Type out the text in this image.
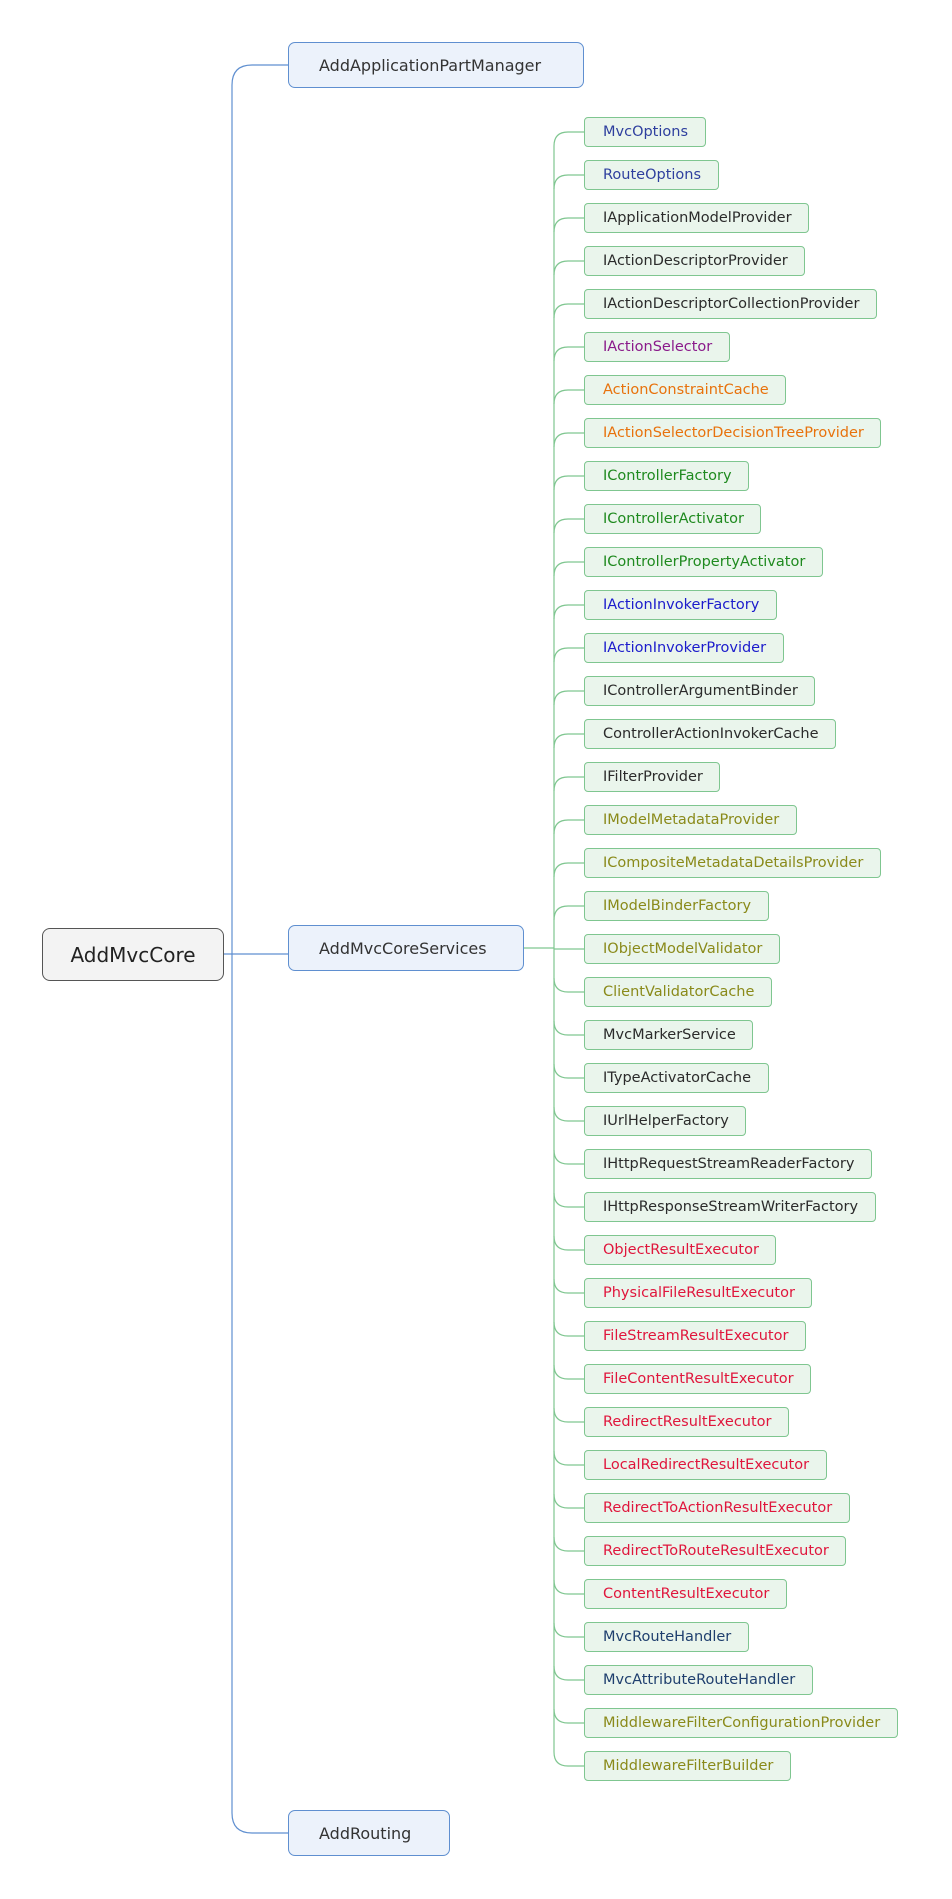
AddMvcCore
AddApplicationPartManager
AddMvcCoreServices
AddRouting
MvcOptions
RouteOptions
IApplicationModelProvider
IActionDescriptorProvider
IActionDescriptorCollectionProvider
IActionSelector
ActionConstraintCache
IActionSelectorDecisionTreeProvider
IControllerFactory
IControllerActivator
IControllerPropertyActivator
IActionInvokerFactory
IActionInvokerProvider
IControllerArgumentBinder
ControllerActionInvokerCache
IFilterProvider
IModelMetadataProvider
ICompositeMetadataDetailsProvider
IModelBinderFactory
IObjectModelValidator
ClientValidatorCache
MvcMarkerService
ITypeActivatorCache
IUrlHelperFactory
IHttpRequestStreamReaderFactory
IHttpResponseStreamWriterFactory
ObjectResultExecutor
PhysicalFileResultExecutor
FileStreamResultExecutor
FileContentResultExecutor
RedirectResultExecutor
LocalRedirectResultExecutor
RedirectToActionResultExecutor
RedirectToRouteResultExecutor
ContentResultExecutor
MvcRouteHandler
MvcAttributeRouteHandler
MiddlewareFilterConfigurationProvider
MiddlewareFilterBuilder
